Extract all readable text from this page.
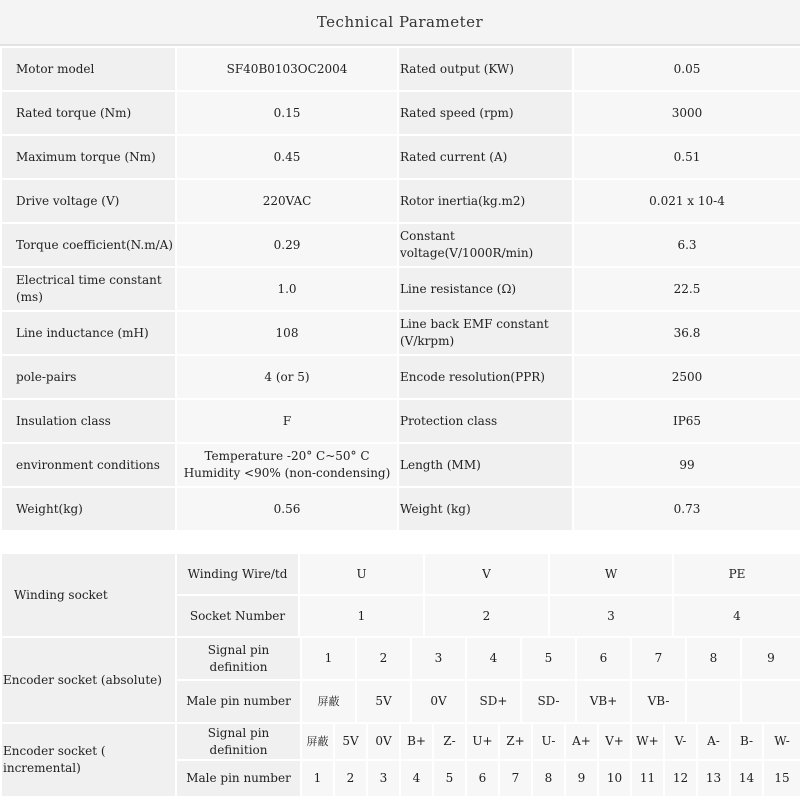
Technical Parameter
Motor model	SF40B0103OC2004	Rated output (KW)	0.05
Rated torque (Nm)	0.15	Rated speed (rpm)	3000
Maximum torque (Nm)	0.45	Rated current (A)	0.51
Drive voltage (V)	220VAC	Rotor inertia(kg.m2)	0.021 x 10-4
Torque coefficient(N.m/A)	0.29	Constant voltage(V/1000R/min)	6.3
Electrical time constant (ms)	1.0	Line resistance (Ω)	22.5
Line inductance (mH)	108	Line back EMF constant (V/krpm)	36.8
pole-pairs	4 (or 5)	Encode resolution(PPR)	2500
Insulation class	F	Protection class	IP65
environment conditions	Temperature -20° C~50° C Humidity <90% (non-condensing)	Length (MM)	99
Weight(kg)	0.56	Weight (kg)	0.73
Winding socket	Winding Wire/td	U	V	W	PE
	Socket Number	1	2	3	4
Encoder socket (absolute)	Signal pin definition	1	2	3	4	5	6	7	8	9
	Male pin number	屏蔽	5V	0V	SD+	SD-	VB+	VB-		
Encoder socket ( incremental)	Signal pin definition	屏蔽	5V	0V	B+	Z-	U+	Z+	U-	A+	V+	W+	V-	A-	B-	W-
	Male pin number	1	2	3	4	5	6	7	8	9	10	11	12	13	14	15
